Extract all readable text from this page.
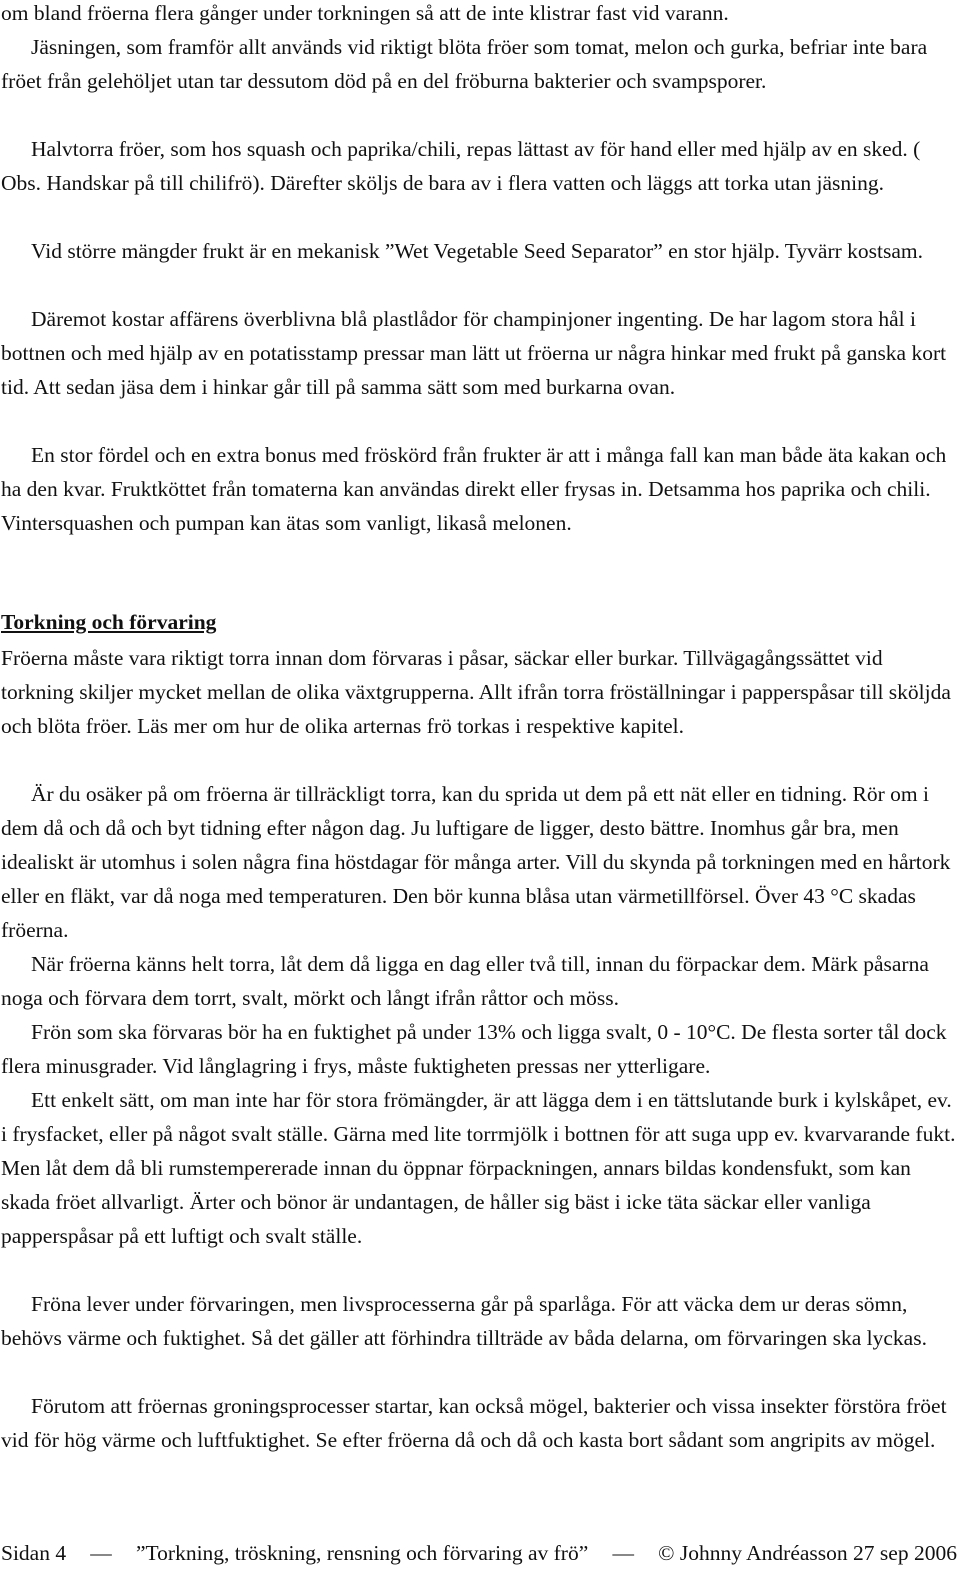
om bland fröerna flera gånger under torkningen så att de inte klistrar fast vid varann.

Jäsningen, som framför allt används vid riktigt blöta fröer som tomat, melon och gurka, befriar inte bara fröet från gelehöljet utan tar dessutom död på en del fröburna bakterier och svampsporer.

Halvtorra fröer, som hos squash och paprika/chili, repas lättast av för hand eller med hjälp av en sked. ( Obs. Handskar på till chilifrö). Därefter sköljs de bara av i flera vatten och läggs att torka utan jäsning.

Vid större mängder frukt är en mekanisk ”Wet Vegetable Seed Separator” en stor hjälp. Tyvärr kostsam.

Däremot kostar affärens överblivna blå plastlådor för champinjoner ingenting. De har lagom stora hål i bottnen och med hjälp av en potatisstamp pressar man lätt ut fröerna ur några hinkar med frukt på ganska kort tid. Att sedan jäsa dem i hinkar går till på samma sätt som med burkarna ovan.

En stor fördel och en extra bonus med fröskörd från frukter är att i många fall kan man både äta kakan och ha den kvar. Fruktköttet från tomaterna kan användas direkt eller frysas in. Detsamma hos paprika och chili. Vintersquashen och pumpan kan ätas som vanligt, likaså melonen.

Torkning och förvaring

Fröerna måste vara riktigt torra innan dom förvaras i påsar, säckar eller burkar. Tillvägagångssättet vid torkning skiljer mycket mellan de olika växtgrupperna. Allt ifrån torra fröställningar i papperspåsar till sköljda och blöta fröer. Läs mer om hur de olika arternas frö torkas i respektive kapitel.

Är du osäker på om fröerna är tillräckligt torra, kan du sprida ut dem på ett nät eller en tidning. Rör om i dem då och då och byt tidning efter någon dag. Ju luftigare de ligger, desto bättre. Inomhus går bra, men idealiskt är utomhus i solen några fina höstdagar för många arter. Vill du skynda på torkningen med en hårtork eller en fläkt, var då noga med temperaturen. Den bör kunna blåsa utan värmetillförsel. Över 43 °C skadas fröerna.

När fröerna känns helt torra, låt dem då ligga en dag eller två till, innan du förpackar dem. Märk påsarna noga och förvara dem torrt, svalt, mörkt och långt ifrån råttor och möss.

Frön som ska förvaras bör ha en fuktighet på under 13% och ligga svalt, 0 - 10°C. De flesta sorter tål dock flera minusgrader. Vid långlagring i frys, måste fuktigheten pressas ner ytterligare.

Ett enkelt sätt, om man inte har för stora frömängder, är att lägga dem i en tättslutande burk i kylskåpet, ev. i frysfacket, eller på något svalt ställe. Gärna med lite torrmjölk i bottnen för att suga upp ev. kvarvarande fukt. Men låt dem då bli rumstempererade innan du öppnar förpackningen, annars bildas kondensfukt, som kan skada fröet allvarligt. Ärter och bönor är undantagen, de håller sig bäst i icke täta säckar eller vanliga papperspåsar på ett luftigt och svalt ställe.

Fröna lever under förvaringen, men livsprocesserna går på sparlåga. För att väcka dem ur deras sömn, behövs värme och fuktighet. Så det gäller att förhindra tillträde av båda delarna, om förvaringen ska lyckas.

Förutom att fröernas groningsprocesser startar, kan också mögel, bakterier och vissa insekter förstöra fröet vid för hög värme och luftfuktighet. Se efter fröerna då och då och kasta bort sådant som angripits av mögel.

Sidan 4 — ”Torkning, tröskning, rensning och förvaring av frö” — © Johnny Andréasson 27 sep 2006
